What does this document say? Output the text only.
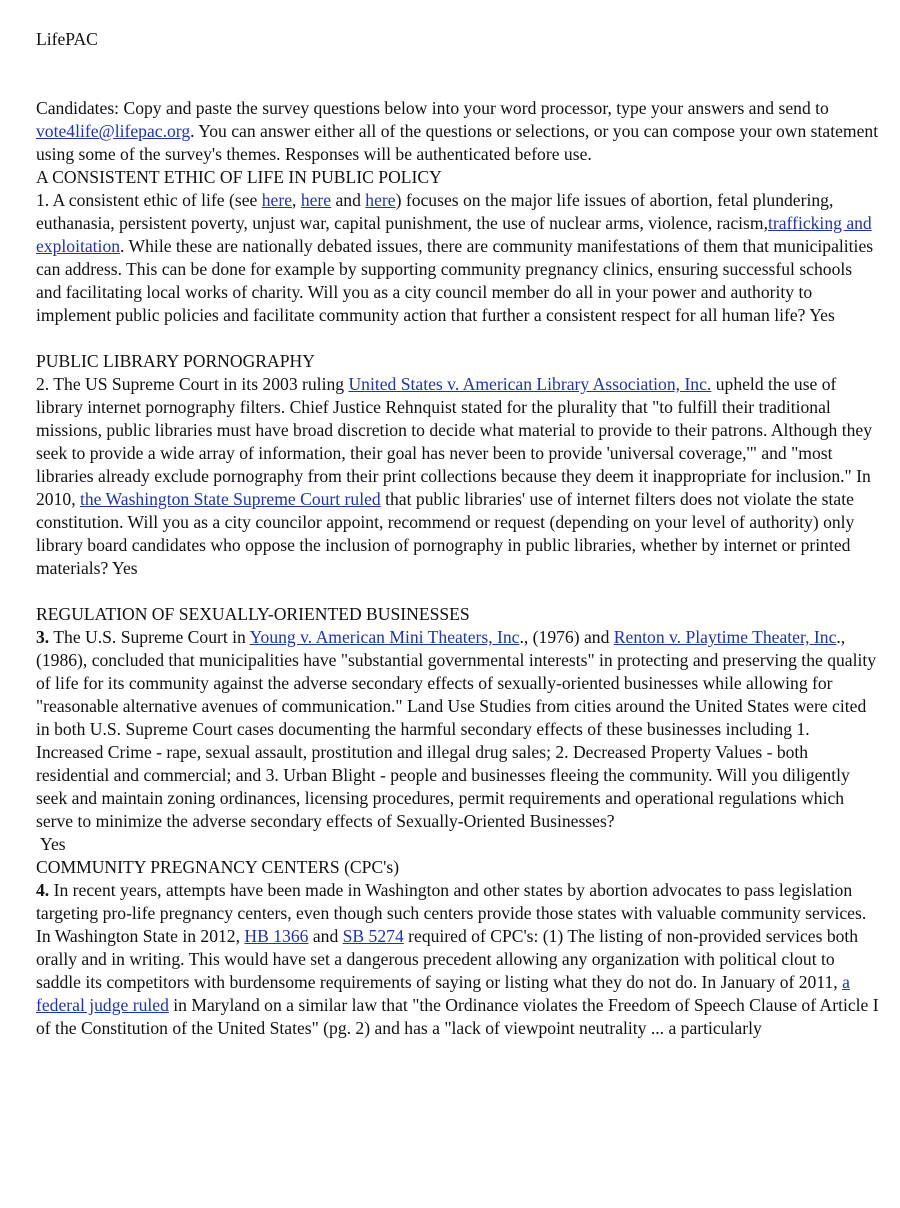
LifePAC

Candidates: Copy and paste the survey questions below into your word processor, type your answers and send to vote4life@lifepac.org. You can answer either all of the questions or selections, or you can compose your own statement using some of the survey's themes. Responses will be authenticated before use.

A CONSISTENT ETHIC OF LIFE IN PUBLIC POLICY

1. A consistent ethic of life (see here, here and here) focuses on the major life issues of abortion, fetal plundering, euthanasia, persistent poverty, unjust war, capital punishment, the use of nuclear arms, violence, racism,trafficking and exploitation. While these are nationally debated issues, there are community manifestations of them that municipalities can address. This can be done for example by supporting community pregnancy clinics, ensuring successful schools and facilitating local works of charity. Will you as a city council member do all in your power and authority to implement public policies and facilitate community action that further a consistent respect for all human life? Yes

PUBLIC LIBRARY PORNOGRAPHY

2. The US Supreme Court in its 2003 ruling United States v. American Library Association, Inc. upheld the use of library internet pornography filters. Chief Justice Rehnquist stated for the plurality that "to fulfill their traditional missions, public libraries must have broad discretion to decide what material to provide to their patrons. Although they seek to provide a wide array of information, their goal has never been to provide 'universal coverage,'" and "most libraries already exclude pornography from their print collections because they deem it inappropriate for inclusion." In 2010, the Washington State Supreme Court ruled that public libraries' use of internet filters does not violate the state constitution. Will you as a city councilor appoint, recommend or request (depending on your level of authority) only library board candidates who oppose the inclusion of pornography in public libraries, whether by internet or printed materials? Yes

REGULATION OF SEXUALLY-ORIENTED BUSINESSES

3. The U.S. Supreme Court in Young v. American Mini Theaters, Inc., (1976) and Renton v. Playtime Theater, Inc., (1986), concluded that municipalities have "substantial governmental interests" in protecting and preserving the quality of life for its community against the adverse secondary effects of sexually-oriented businesses while allowing for "reasonable alternative avenues of communication." Land Use Studies from cities around the United States were cited in both U.S. Supreme Court cases documenting the harmful secondary effects of these businesses including 1. Increased Crime - rape, sexual assault, prostitution and illegal drug sales; 2. Decreased Property Values - both residential and commercial; and 3. Urban Blight - people and businesses fleeing the community. Will you diligently seek and maintain zoning ordinances, licensing procedures, permit requirements and operational regulations which serve to minimize the adverse secondary effects of Sexually-Oriented Businesses?

Yes

COMMUNITY PREGNANCY CENTERS (CPC's)

4. In recent years, attempts have been made in Washington and other states by abortion advocates to pass legislation targeting pro-life pregnancy centers, even though such centers provide those states with valuable community services. In Washington State in 2012, HB 1366 and SB 5274 required of CPC's: (1) The listing of non-provided services both orally and in writing. This would have set a dangerous precedent allowing any organization with political clout to saddle its competitors with burdensome requirements of saying or listing what they do not do. In January of 2011, a federal judge ruled in Maryland on a similar law that "the Ordinance violates the Freedom of Speech Clause of Article I of the Constitution of the United States" (pg. 2) and has a "lack of viewpoint neutrality ... a particularly
